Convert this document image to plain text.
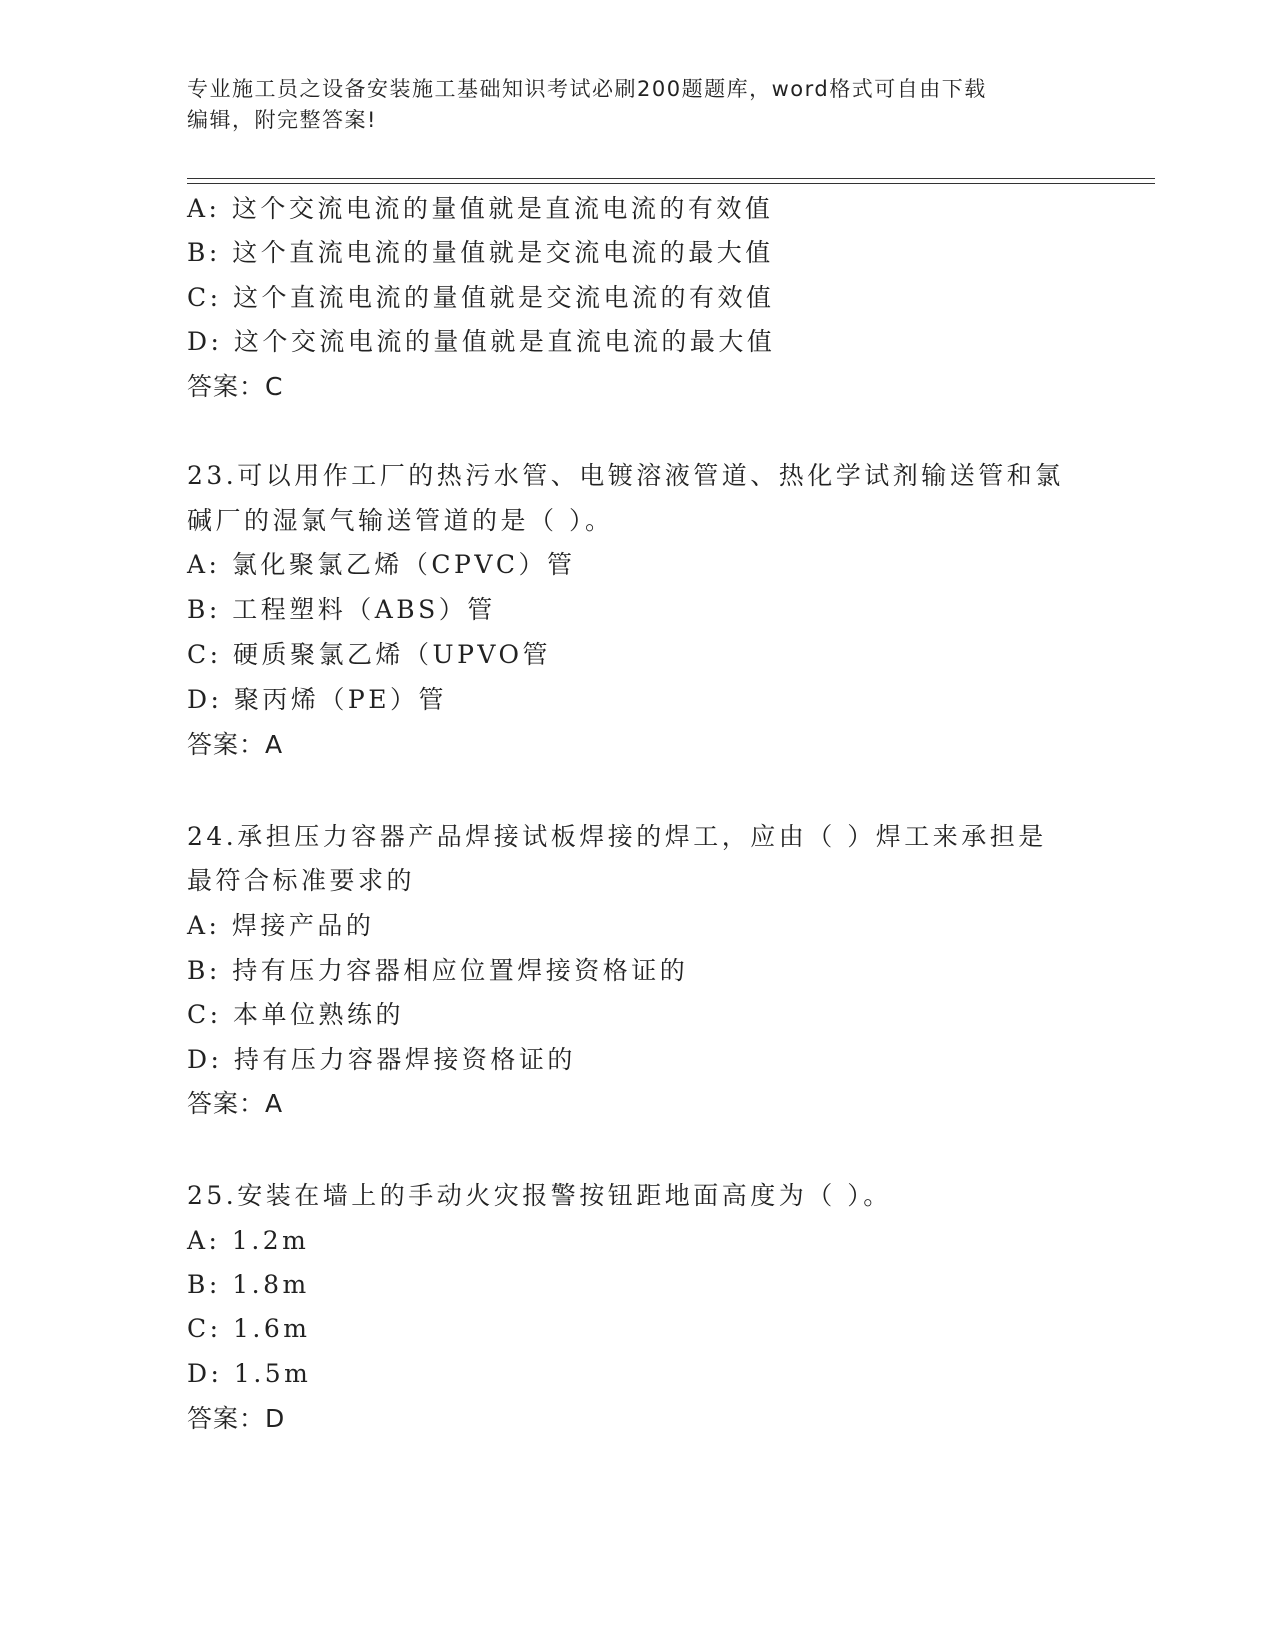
专业施工员之设备安装施工基础知识考试必刷200题题库，word格式可自由下载
编辑，附完整答案!
A: 这个交流电流的量值就是直流电流的有效值
B: 这个直流电流的量值就是交流电流的最大值
C: 这个直流电流的量值就是交流电流的有效值
D: 这个交流电流的量值就是直流电流的最大值
答案：C
23.可以用作工厂的热污水管、电镀溶液管道、热化学试剂输送管和氯
碱厂的湿氯气输送管道的是（ ）。
A: 氯化聚氯乙烯（CPVC）管
B: 工程塑料（ABS）管
C: 硬质聚氯乙烯（UPVO管
D: 聚丙烯（PE）管
答案：A
24.承担压力容器产品焊接试板焊接的焊工，应由（ ）焊工来承担是
最符合标准要求的
A: 焊接产品的
B: 持有压力容器相应位置焊接资格证的
C: 本单位熟练的
D: 持有压力容器焊接资格证的
答案：A
25.安装在墙上的手动火灾报警按钮距地面高度为（ ）。
A: 1.2m
B: 1.8m
C: 1.6m
D: 1.5m
答案：D
